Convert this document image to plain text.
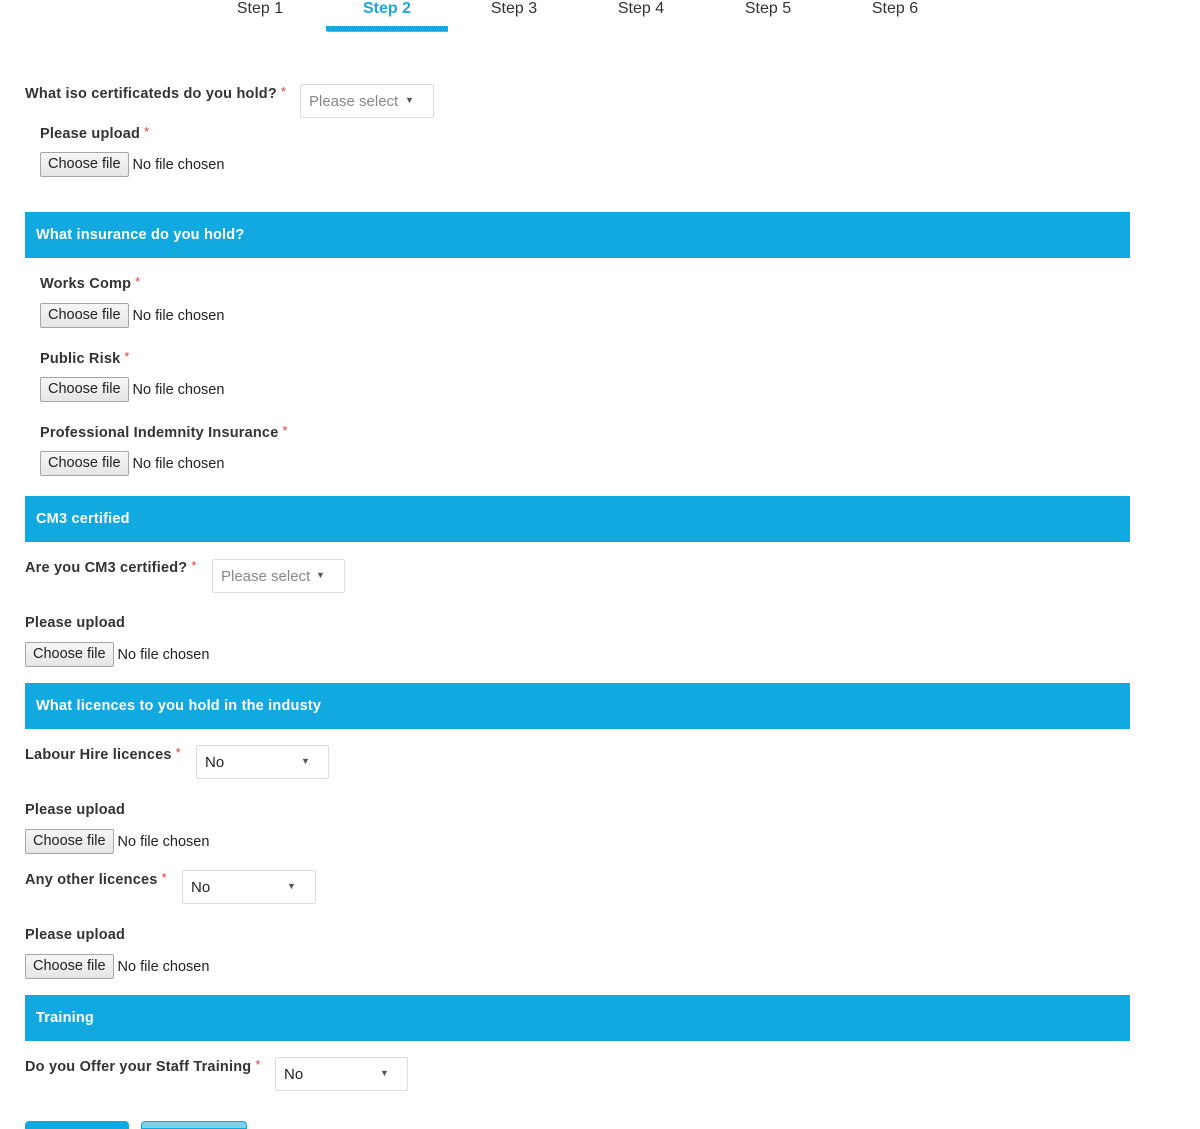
Step 1	Step 2	Step 3	Step 4	Step 5	Step 6
What iso certificateds do you hold? *
Please select ▼
Please upload *
Choose file No file chosen
What insurance do you hold?
Works Comp *
Choose file No file chosen
Public Risk *
Choose file No file chosen
Professional Indemnity Insurance *
Choose file No file chosen
CM3 certified
Are you CM3 certified? *
Please select ▼
Please upload
Choose file No file chosen
What licences to you hold in the industy
Labour Hire licences *
No	▼
Please upload
Choose file No file chosen
Any other licences *
No	▼
Please upload
Choose file No file chosen
Training
Do you Offer your Staff Training *
No	▼
